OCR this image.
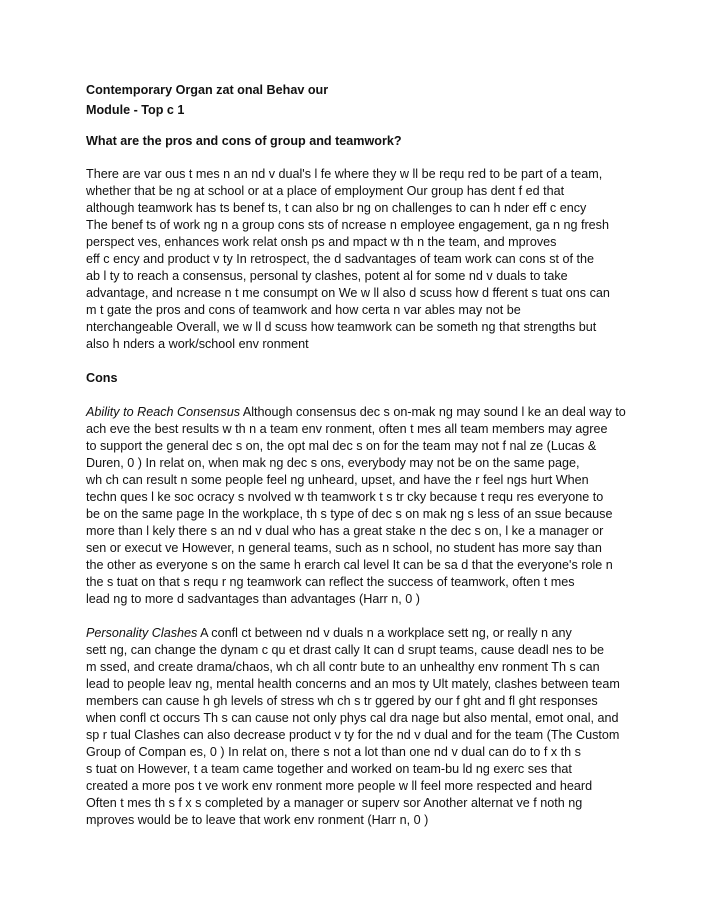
Contemporary Organ zat onal Behav our

Module - Top c 1

What are the pros and cons of group and teamwork?

There are var ous t mes n an nd v dual's l fe where they w ll be requ red to be part of a team,

whether that be ng at school or at a place of employment Our group has dent f ed that

although teamwork has ts benef ts, t can also br ng on challenges to can h nder eff c ency

The benef ts of work ng n a group cons sts of ncrease n employee engagement, ga n ng fresh

perspect ves, enhances work relat onsh ps and mpact w th n the team, and mproves

eff c ency and product v ty In retrospect, the d sadvantages of team work can cons st of the

ab l ty to reach a consensus, personal ty clashes, potent al for some nd v duals to take

advantage, and ncrease n t me consumpt on We w ll also d scuss how d fferent s tuat ons can

m t gate the pros and cons of teamwork and how certa n var ables may not be

nterchangeable Overall, we w ll d scuss how teamwork can be someth ng that strengths but

also h nders a work/school env ronment

Cons

Ability to Reach Consensus Although consensus dec s on-mak ng may sound l ke an deal way to

ach eve the best results w th n a team env ronment, often t mes all team members may agree

to support the general dec s on, the opt mal dec s on for the team may not f nal ze (Lucas &

Duren, 0 ) In relat on, when mak ng dec s ons, everybody may not be on the same page,

wh ch can result n some people feel ng unheard, upset, and have the r feel ngs hurt When

techn ques l ke soc ocracy s nvolved w th teamwork t s tr cky because t requ res everyone to

be on the same page In the workplace, th s type of dec s on mak ng s less of an ssue because

more than l kely there s an nd v dual who has a great stake n the dec s on, l ke a manager or

sen or execut ve However, n general teams, such as n school, no student has more say than

the other as everyone s on the same h erarch cal level It can be sa d that the everyone's role n

the s tuat on that s requ r ng teamwork can reflect the success of teamwork, often t mes

lead ng to more d sadvantages than advantages (Harr n, 0 )

Personality Clashes A confl ct between nd v duals n a workplace sett ng, or really n any

sett ng, can change the dynam c qu et drast cally It can d srupt teams, cause deadl nes to be

m ssed, and create drama/chaos, wh ch all contr bute to an unhealthy env ronment Th s can

lead to people leav ng, mental health concerns and an mos ty Ult mately, clashes between team

members can cause h gh levels of stress wh ch s tr ggered by our f ght and fl ght responses

when confl ct occurs Th s can cause not only phys cal dra nage but also mental, emot onal, and

sp r tual Clashes can also decrease product v ty for the nd v dual and for the team (The Custom

Group of Compan es, 0 ) In relat on, there s not a lot than one nd v dual can do to f x th s

s tuat on However, t a team came together and worked on team-bu ld ng exerc ses that

created a more pos t ve work env ronment more people w ll feel more respected and heard

Often t mes th s f x s completed by a manager or superv sor Another alternat ve f noth ng

mproves would be to leave that work env ronment (Harr n, 0 )
